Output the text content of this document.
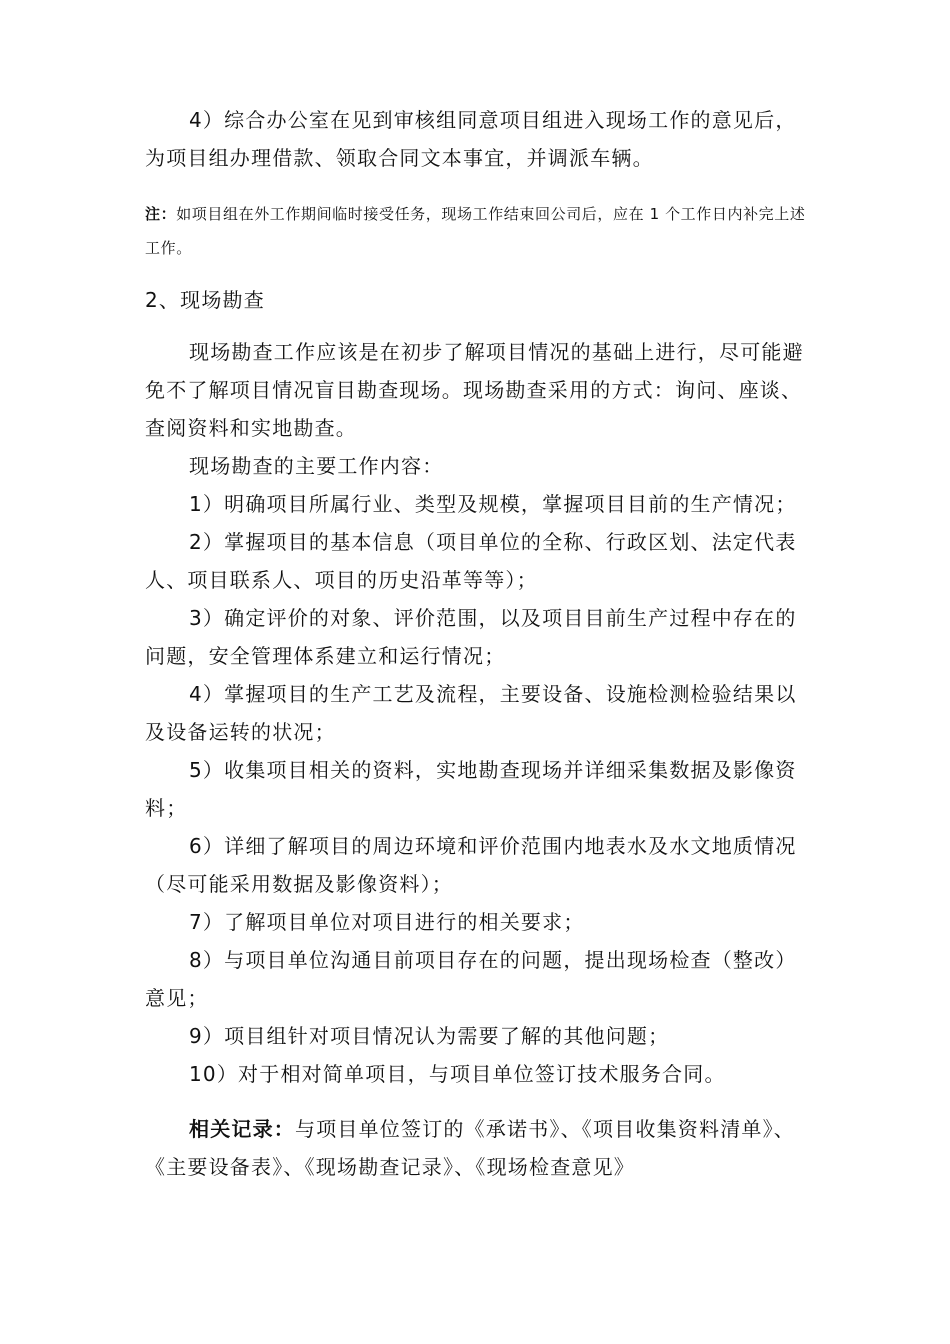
4）综合办公室在见到审核组同意项目组进入现场工作的意见后，为项目组办理借款、领取合同文本事宜，并调派车辆。

注：如项目组在外工作期间临时接受任务，现场工作结束回公司后，应在 1 个工作日内补完上述工作。

2、现场勘查

现场勘查工作应该是在初步了解项目情况的基础上进行，尽可能避免不了解项目情况盲目勘查现场。现场勘查采用的方式：询问、座谈、查阅资料和实地勘查。

现场勘查的主要工作内容：

1）明确项目所属行业、类型及规模，掌握项目目前的生产情况；

2）掌握项目的基本信息（项目单位的全称、行政区划、法定代表人、项目联系人、项目的历史沿革等等）；

3）确定评价的对象、评价范围，以及项目目前生产过程中存在的问题，安全管理体系建立和运行情况；

4）掌握项目的生产工艺及流程，主要设备、设施检测检验结果以及设备运转的状况；

5）收集项目相关的资料，实地勘查现场并详细采集数据及影像资料；

6）详细了解项目的周边环境和评价范围内地表水及水文地质情况（尽可能采用数据及影像资料）；

7）了解项目单位对项目进行的相关要求；

8）与项目单位沟通目前项目存在的问题，提出现场检查（整改）意见；

9）项目组针对项目情况认为需要了解的其他问题；

10）对于相对简单项目，与项目单位签订技术服务合同。

相关记录：与项目单位签订的《承诺书》、《项目收集资料清单》、《主要设备表》、《现场勘查记录》、《现场检查意见》
